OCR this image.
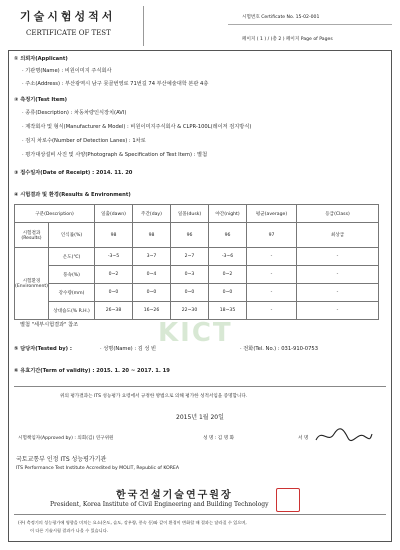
기술시험성적서
CERTIFICATE OF TEST
시험번호 Certificate No. 15-02-001
페이지 ( 1 ) / (총 2 ) 페이지 Page of Pages
KICT
① 의뢰자(Applicant)
· 기관명(Name) : 비원이미지 주식회사
· 주소(Address) : 부산광역시 남구 못골번영로 71번길 74 부산예술대학 본관 4층
② 측정기(Test Item)
· 종류(Description) : 차동차량인식장치(AVI)
· 제작회사 및 형식(Manufacturer & Model) : 비원이미지주식회사 & CLPR-100L(레이저 검지방식)
· 검지 차로수(Number of Detection Lanes) : 1차로
· 평가대상설비 사진 및 사양(Photograph & Specification of Test Item) : 별첨
③ 접수일자(Date of Receipt) : 2014. 11. 20
④ 시험결과 및 환경(Results & Environment)
구분(Description)		일출(dawn)	주간(day)	일몰(dusk)	야간(night)	평균(average)	등급(Class)
시험결과 (Results)	인식률(%)	98	98	96	96	97	최상급
시험환경 (Environment)	온도(℃)	-3~5	3~7	2~7	-3~6	-	-
	풍속(%)	0~2	0~4	0~3	0~2	-	-
	강수량(mm)	0~0	0~0	0~0	0~0	-	-
	상대습도(% R.H.)	26~38	16~26	22~30	18~35	-	-
별첨 "세부시험결과" 참조
⑤ 담당자(Tested by) :	· 성명(Name) : 김 성 빈	· 전화(Tel. No.) : 031-910-0753
⑥ 유효기간(Term of validity) : 2015. 1. 20 ~ 2017. 1. 19
위의 평가결과는 ITS 성능평가 요령에서 규정한 방법으로 의해 평가한 성적서임을 증명합니다.
2015년 1월 20일
시험책임자(Approved by) : 의회(김) 연구위원	성 명 : 김 명 화	서 명
국토교통부 인정 ITS 성능평가기관
ITS Performance Test Institute Accredited by MOLIT, Republic of KOREA
한국건설기술연구원장
President, Korea Institute of Civil Engineering and Building Technology
(주) 측정기의 성능평가에 영향을 미치는 요소(온도, 습도, 강우량, 풍속 등)와 같이 환경이 변화할 때 결과는 달라질 수 있으며,
이 다른 기술시험 결과가 나올 수 있습니다.
